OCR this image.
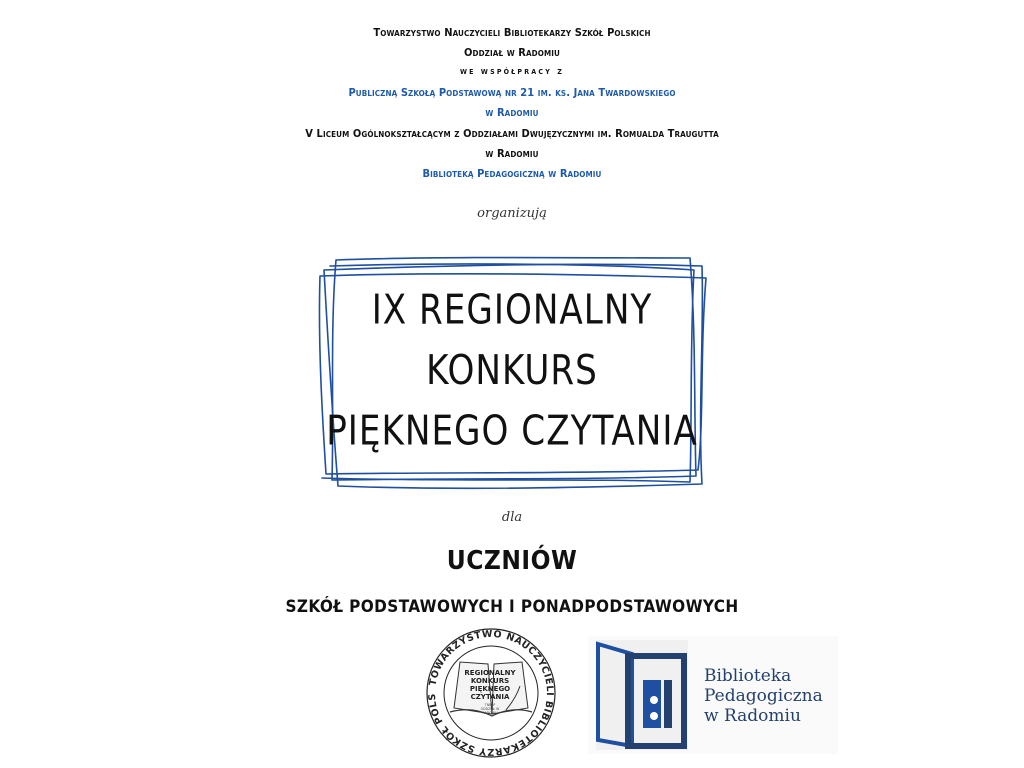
Towarzystwo Nauczycieli Bibliotekarzy Szkół Polskich
Oddział w Radomiu
we współpracy z
Publiczną Szkołą Podstawową nr 21 im. ks. Jana Twardowskiego
w Radomiu
V Liceum Ogólnokształcącym z Oddziałami Dwujęzycznymi im. Romualda Traugutta
w Radomiu
Biblioteką Pedagogiczną w Radomiu
organizują
IX REGIONALNY
KONKURS
PIĘKNEGO CZYTANIA
dla
UCZNIÓW
SZKÓŁ PODSTAWOWYCH I PONADPODSTAWOWYCH
TOWARZYSTWO NAUCZYCIELI BIBLIOTEKARZY SZKÓŁ POLS
REGIONALNY
KONKURS
PIĘKNEGO
CZYTANIA
TNBSP
ODDZIAŁ W
RADOMIU
Biblioteka
Pedagogiczna
w Radomiu
